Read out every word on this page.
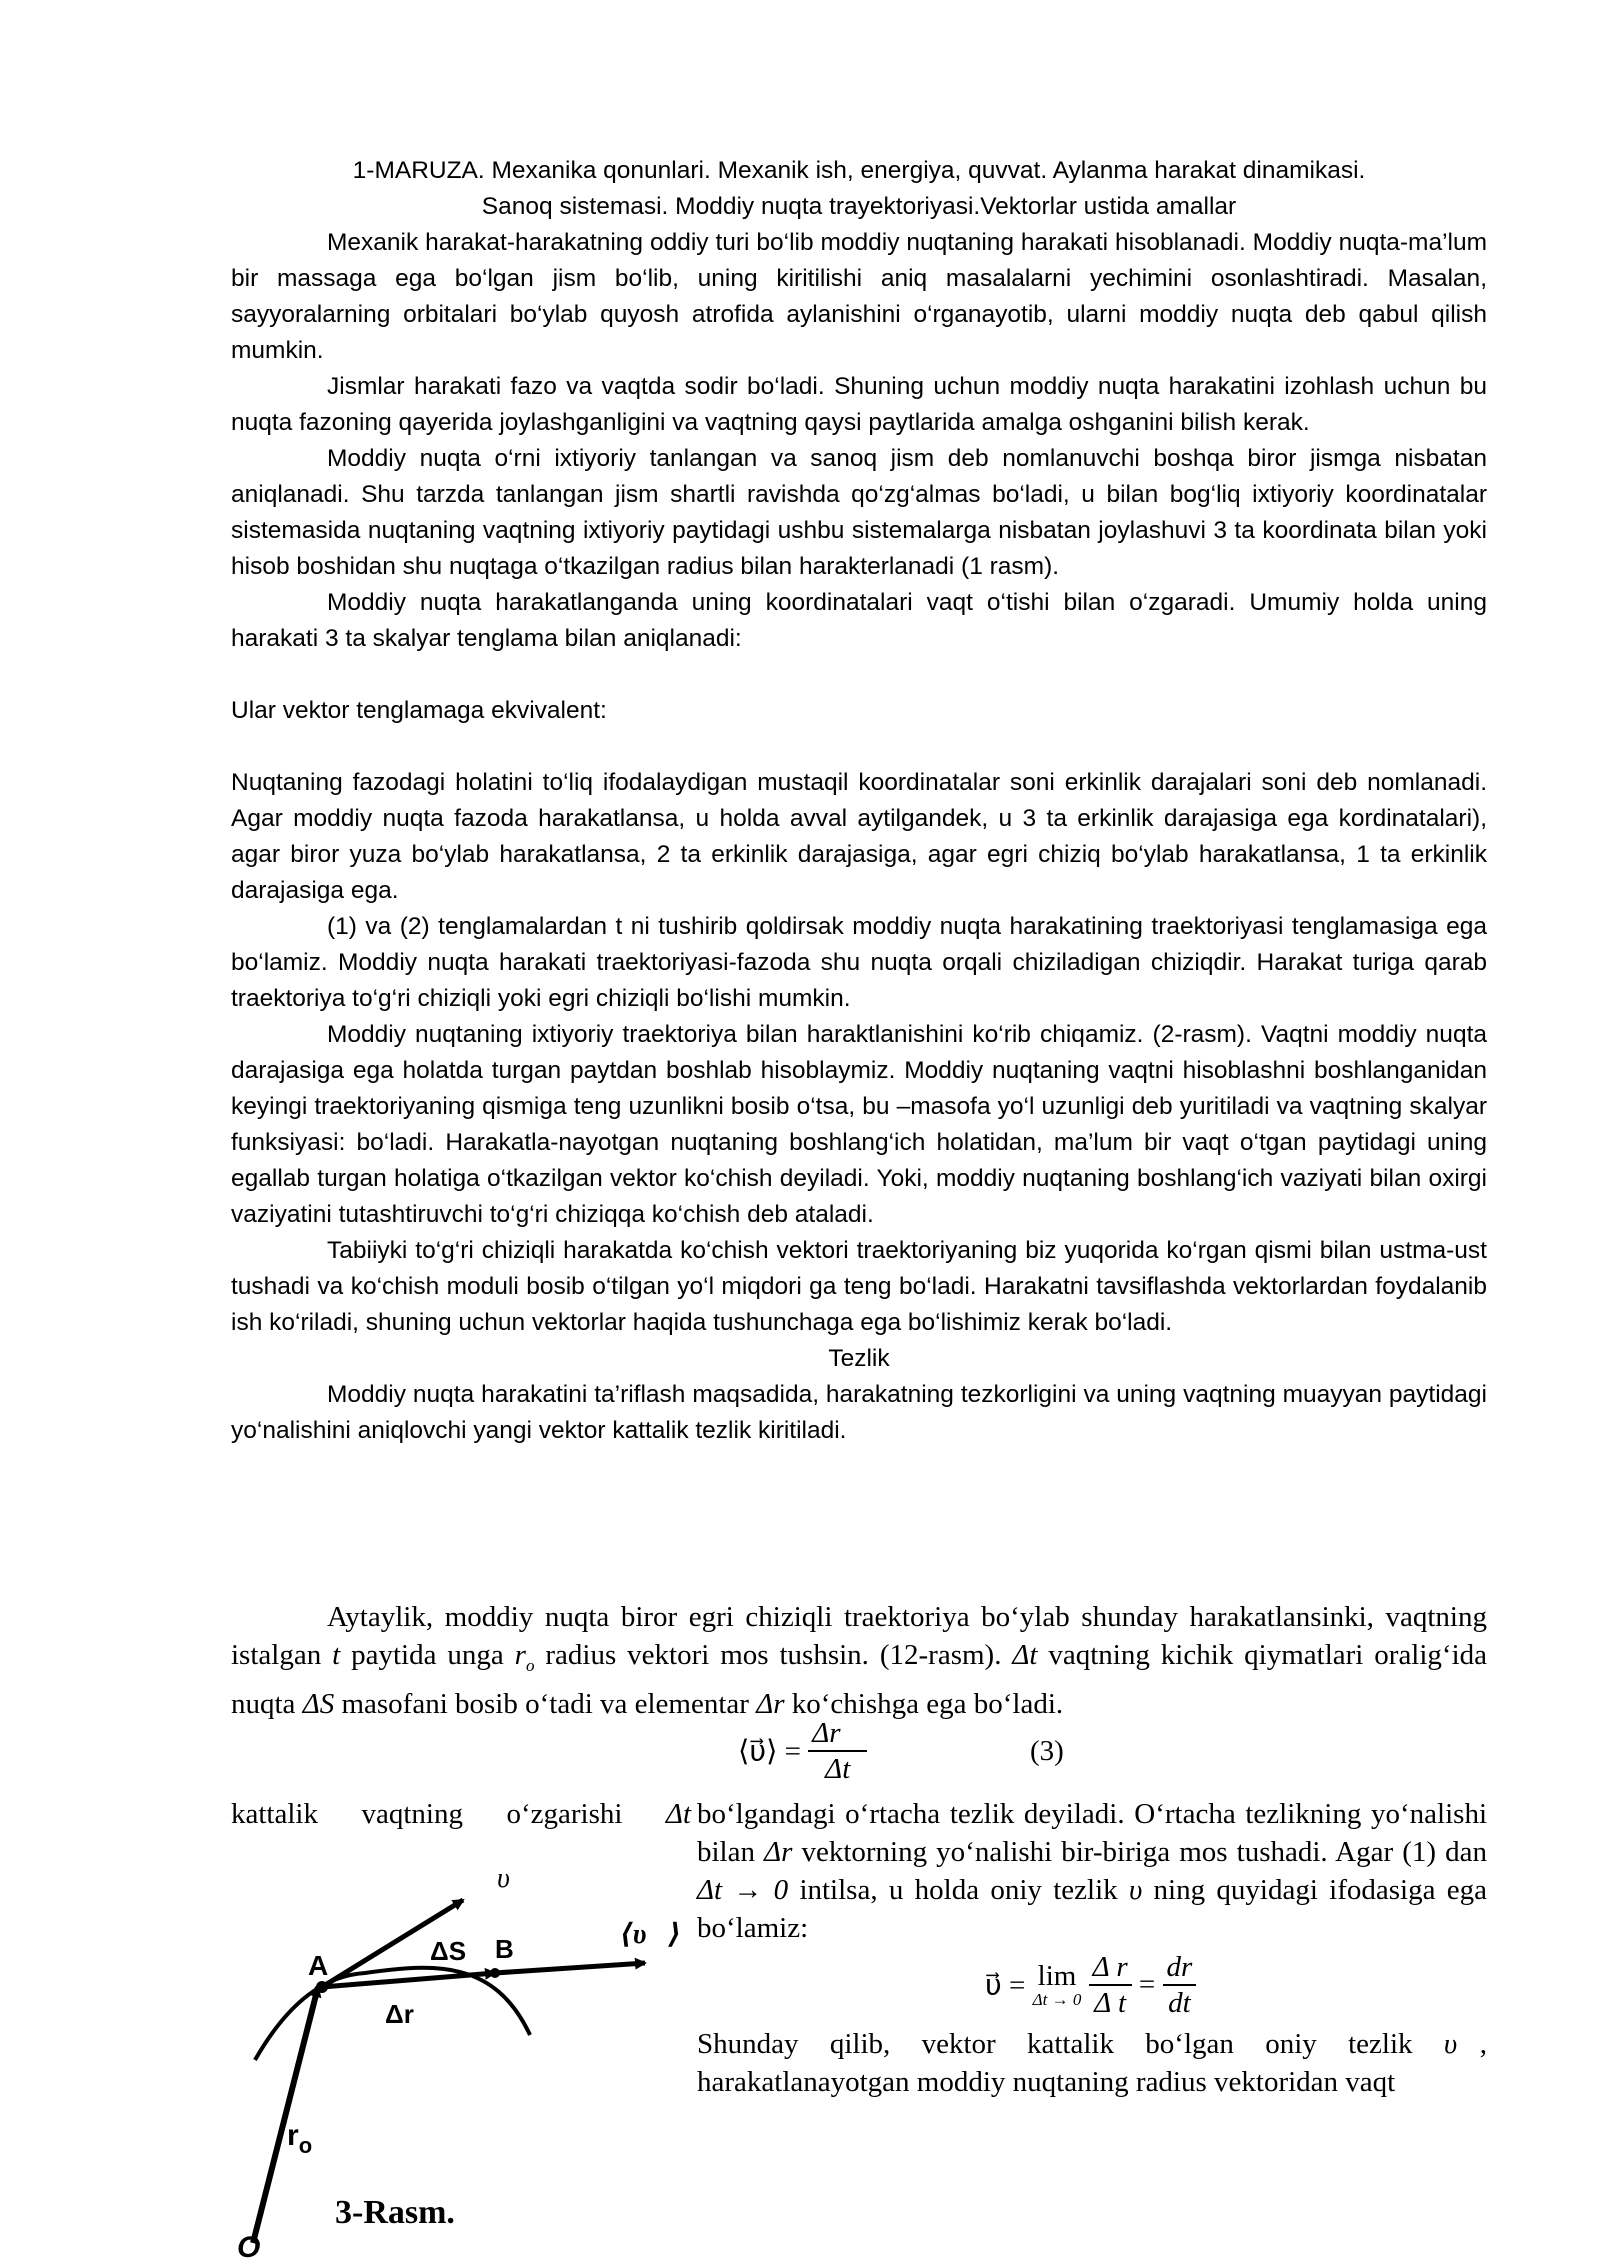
1-MARUZA. Mexanika qonunlari. Mexanik ish, energiya, quvvat. Aylanma harakat dinamikasi.

Sanoq sistemasi. Moddiy nuqta trayektoriyasi.Vektorlar ustida amallar

Mexanik harakat-harakatning oddiy turi bo‘lib moddiy nuqtaning harakati hisoblanadi. Moddiy nuqta-ma’lum bir massaga ega bo‘lgan jism bo‘lib, uning kiritilishi aniq masalalarni yechimini osonlashtiradi. Masalan, sayyoralarning orbitalari bo‘ylab quyosh atrofida aylanishini o‘rganayotib, ularni moddiy nuqta deb qabul qilish mumkin.

Jismlar harakati fazo va vaqtda sodir bo‘ladi. Shuning uchun moddiy nuqta harakatini izohlash uchun bu nuqta fazoning qayerida joylashganligini va vaqtning qaysi paytlarida amalga oshganini bilish kerak.

Moddiy nuqta o‘rni ixtiyoriy tanlangan va sanoq jism deb nomlanuvchi boshqa biror jismga nisbatan aniqlanadi. Shu tarzda tanlangan jism shartli ravishda qo‘zg‘almas bo‘ladi, u bilan bog‘liq ixtiyoriy koordinatalar sistemasida nuqtaning vaqtning ixtiyoriy paytidagi ushbu sistemalarga nisbatan joylashuvi 3 ta koordinata bilan yoki hisob boshidan shu nuqtaga o‘tkazilgan radius bilan harakterlanadi (1 rasm).

Moddiy nuqta harakatlanganda uning koordinatalari vaqt o‘tishi bilan o‘zgaradi. Umumiy holda uning harakati 3 ta skalyar tenglama bilan aniqlanadi:

Ular vektor tenglamaga ekvivalent:

Nuqtaning fazodagi holatini to‘liq ifodalaydigan mustaqil koordinatalar soni erkinlik darajalari soni deb nomlanadi. Agar moddiy nuqta fazoda harakatlansa, u holda avval aytilgandek, u 3 ta erkinlik darajasiga ega kordinatalari), agar biror yuza bo‘ylab harakatlansa, 2 ta erkinlik darajasiga, agar egri chiziq bo‘ylab harakatlansa, 1 ta erkinlik darajasiga ega.

(1) va (2) tenglamalardan t ni tushirib qoldirsak moddiy nuqta harakatining traektoriyasi tenglamasiga ega bo‘lamiz. Moddiy nuqta harakati traektoriyasi-fazoda shu nuqta orqali chiziladigan chiziqdir. Harakat turiga qarab traektoriya to‘g‘ri chiziqli yoki egri chiziqli bo‘lishi mumkin.

Moddiy nuqtaning ixtiyoriy traektoriya bilan haraktlanishini ko‘rib chiqamiz. (2-rasm). Vaqtni moddiy nuqta darajasiga ega holatda turgan paytdan boshlab hisoblaymiz. Moddiy nuqtaning vaqtni hisoblashni boshlanganidan keyingi traektoriyaning qismiga teng uzunlikni bosib o‘tsa, bu –masofa yo‘l uzunligi deb yuritiladi va vaqtning skalyar funksiyasi: bo‘ladi. Harakatla-nayotgan nuqtaning boshlang‘ich holatidan, ma’lum bir vaqt o‘tgan paytidagi uning egallab turgan holatiga o‘tkazilgan vektor ko‘chish deyiladi. Yoki, moddiy nuqtaning boshlang‘ich vaziyati bilan oxirgi vaziyatini tutashtiruvchi to‘g‘ri chiziqqa ko‘chish deb ataladi.

Tabiiyki to‘g‘ri chiziqli harakatda ko‘chish vektori traektoriyaning biz yuqorida ko‘rgan qismi bilan ustma-ust tushadi va ko‘chish moduli bosib o‘tilgan yo‘l miqdori ga teng bo‘ladi. Harakatni tavsiflashda vektorlardan foydalanib ish ko‘riladi, shuning uchun vektorlar haqida tushunchaga ega bo‘lishimiz kerak bo‘ladi.

Tezlik

Moddiy nuqta harakatini ta’riflash maqsadida, harakatning tezkorligini va uning vaqtning muayyan paytidagi yo‘nalishini aniqlovchi yangi vektor kattalik tezlik kiritiladi.

Aytaylik, moddiy nuqta biror egri chiziqli traektoriya bo‘ylab shunday harakatlansinki, vaqtning istalgan t paytida unga $r_o$ radius vektori mos tushsin. (12-rasm). Δt vaqtning kichik qiymatlari oralig‘ida nuqta ΔS masofani bosib o‘tadi va elementar Δr ko‘chishga ega bo‘ladi.

⟨υ⃗⟩ = $\frac{\Delta r⃗}{\Delta t}$	(3)
kattalik vaqtning o‘zgarishi Δt bo‘lgandagi o‘rtacha tezlik deyiladi. O‘rtacha tezlikning yo‘nalishi bilan Δr vektorning yo‘nalishi bir-biriga mos tushadi. Agar (1) dan Δt → 0 intilsa, u holda oniy tezlik υ ning quyidagi ifodasiga ega bo‘lamiz:

υ⃗ = lim
Δt → 0
$\frac{\text{Δ r}}{\text{Δ t}} = \frac{dr}{dt}$

Shunday qilib, vektor kattalik bo‘lgan oniy tezlik υ⃗, harakatlanayotgan moddiy nuqtaning radius vektoridan vaqt

A
B
ΔS
Δr
υ⃗
⟨υ⃗⟩
$r_o$
O
3-Rasm.
